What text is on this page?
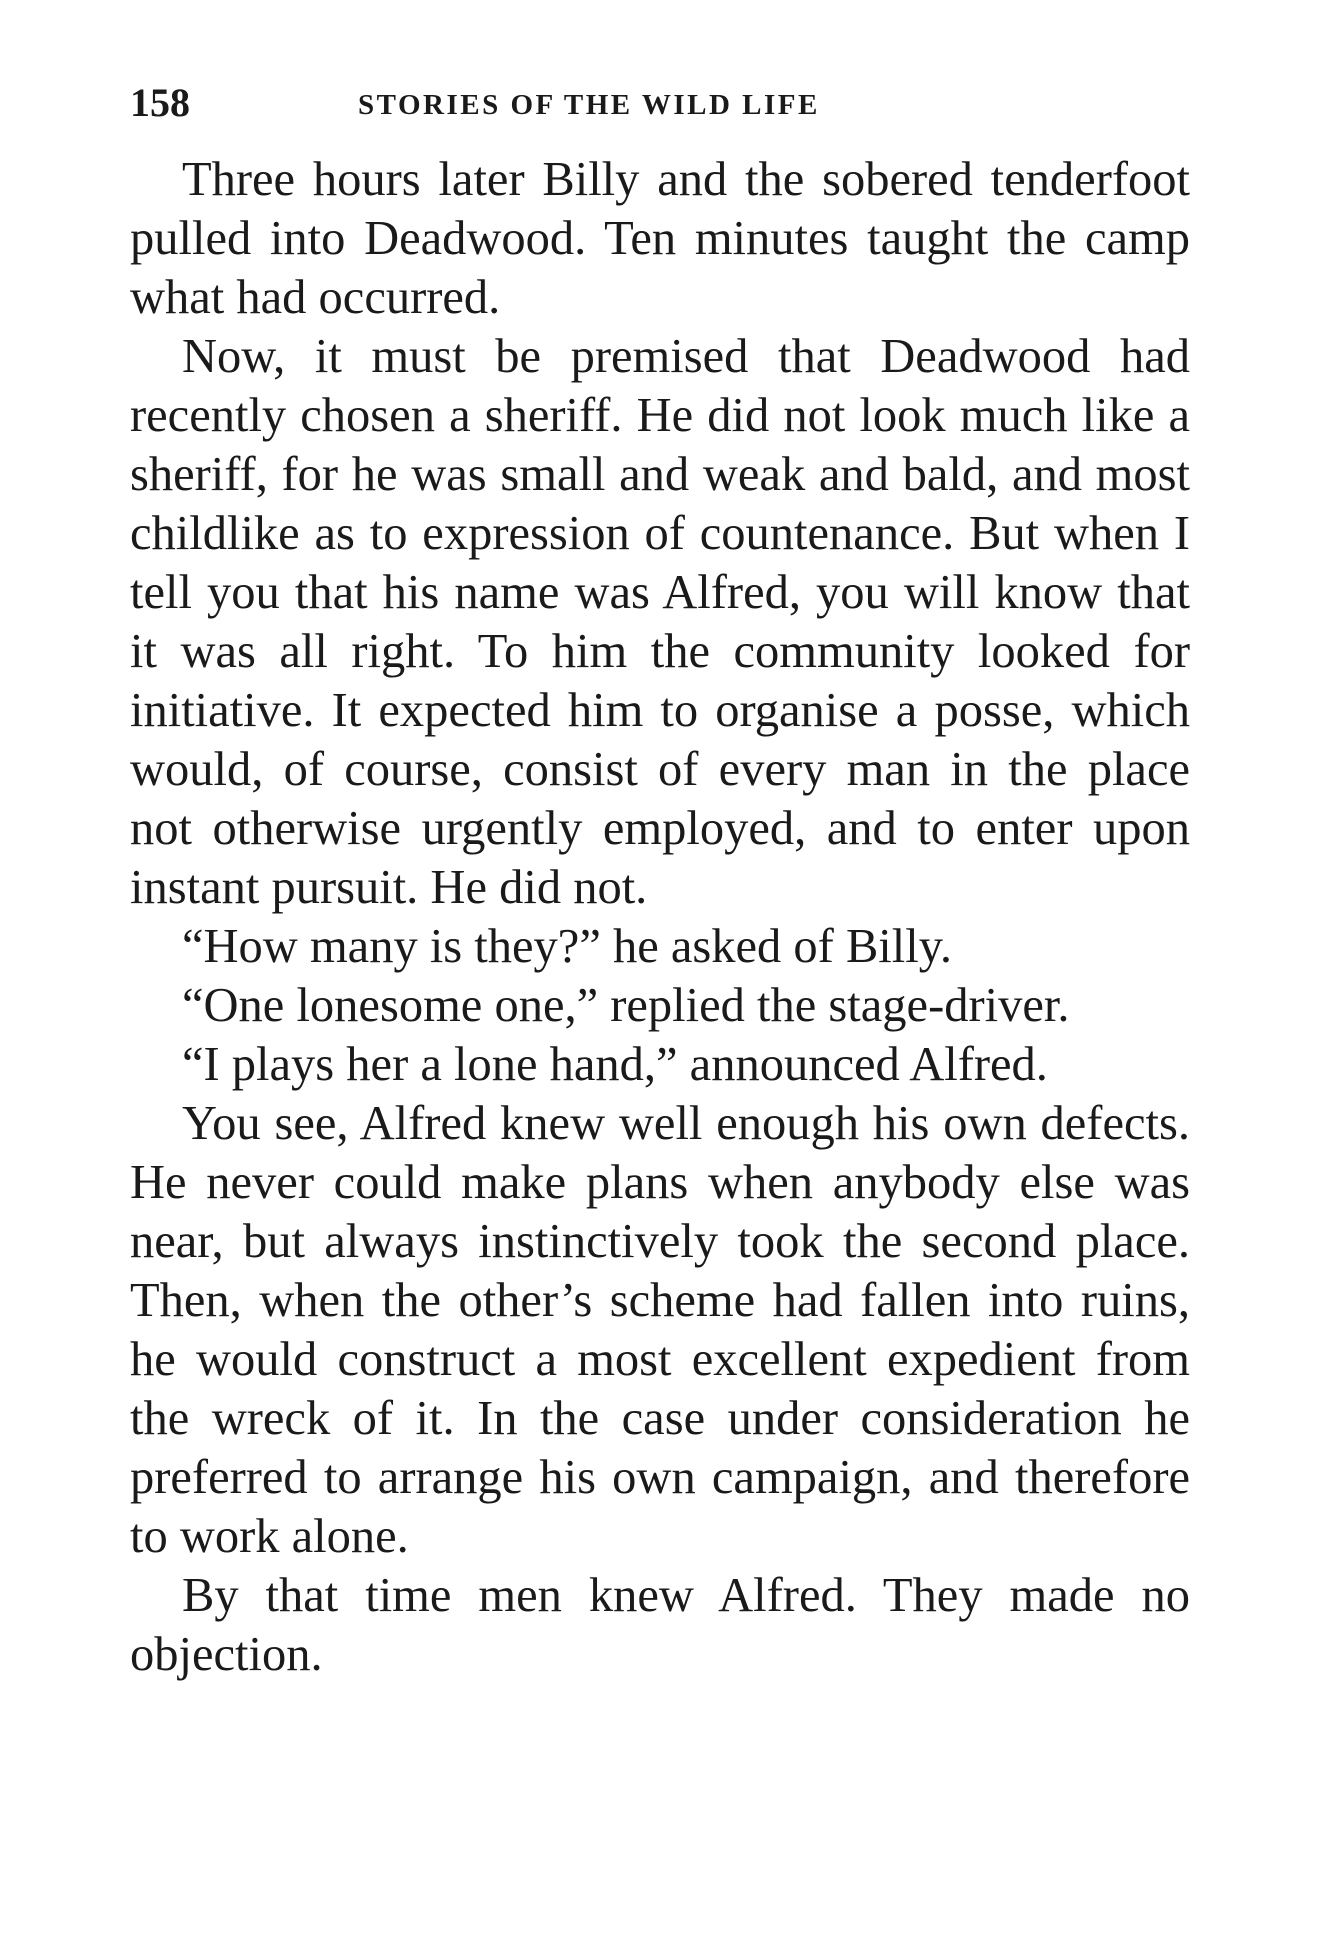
158	STORIES OF THE WILD LIFE

Three hours later Billy and the sobered tenderfoot pulled into Deadwood. Ten minutes taught the camp what had occurred.

Now, it must be premised that Deadwood had recently chosen a sheriff. He did not look much like a sheriff, for he was small and weak and bald, and most childlike as to expression of countenance. But when I tell you that his name was Alfred, you will know that it was all right. To him the community looked for initiative. It expected him to organise a posse, which would, of course, consist of every man in the place not otherwise urgently employed, and to enter upon instant pursuit. He did not.

“How many is they?” he asked of Billy.

“One lonesome one,” replied the stage-driver.

“I plays her a lone hand,” announced Alfred.

You see, Alfred knew well enough his own defects. He never could make plans when anybody else was near, but always instinctively took the second place. Then, when the other’s scheme had fallen into ruins, he would construct a most excellent expedient from the wreck of it. In the case under consideration he preferred to arrange his own campaign, and therefore to work alone.

By that time men knew Alfred. They made no objection.
